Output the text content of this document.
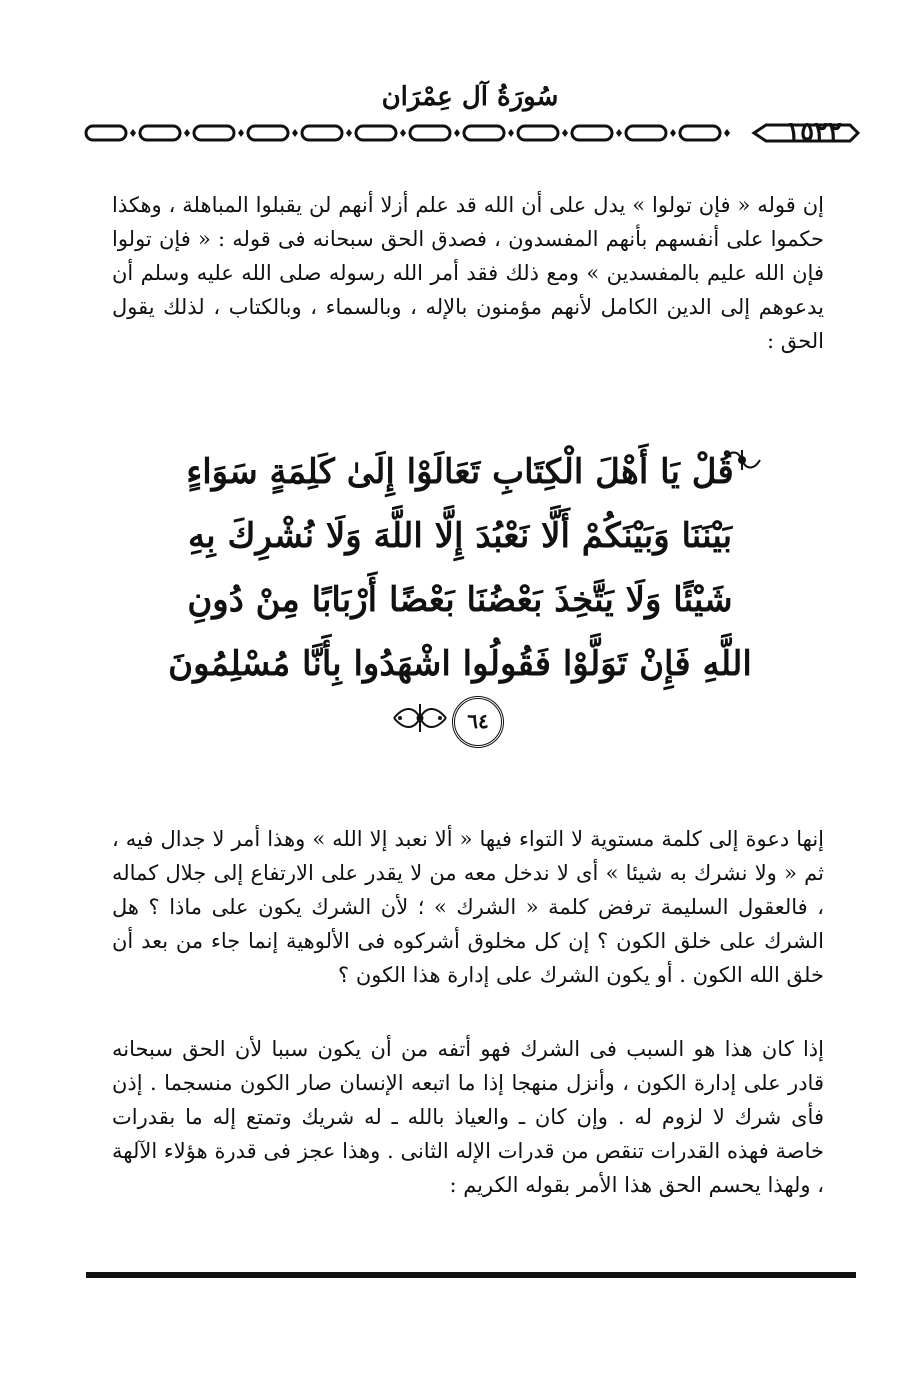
سُورَةُ آل عِمْرَان
١٥٢٢

إن قوله « فإن تولوا » يدل على أن الله قد علم أزلا أنهم لن يقبلوا المباهلة ، وهكذا حكموا على أنفسهم بأنهم المفسدون ، فصدق الحق سبحانه فى قوله : « فإن تولوا فإن الله عليم بالمفسدين » ومع ذلك فقد أمر الله رسوله صلى الله عليه وسلم أن يدعوهم إلى الدين الكامل لأنهم مؤمنون بالإله ، وبالسماء ، وبالكتاب ، لذلك يقول الحق :

قُلْ يَا أَهْلَ الْكِتَابِ تَعَالَوْا إِلَىٰ كَلِمَةٍ سَوَاءٍ

بَيْنَنَا وَبَيْنَكُمْ أَلَّا نَعْبُدَ إِلَّا اللَّهَ وَلَا نُشْرِكَ بِهِ

شَيْئًا وَلَا يَتَّخِذَ بَعْضُنَا بَعْضًا أَرْبَابًا مِنْ دُونِ

اللَّهِ فَإِنْ تَوَلَّوْا فَقُولُوا اشْهَدُوا بِأَنَّا مُسْلِمُونَ

٦٤

إنها دعوة إلى كلمة مستوية لا التواء فيها « ألا نعبد إلا الله » وهذا أمر لا جدال فيه ، ثم « ولا نشرك به شيئا » أى لا ندخل معه من لا يقدر على الارتفاع إلى جلال كماله ، فالعقول السليمة ترفض كلمة « الشرك » ؛ لأن الشرك يكون على ماذا ؟ هل الشرك على خلق الكون ؟ إن كل مخلوق أشركوه فى الألوهية إنما جاء من بعد أن خلق الله الكون . أو يكون الشرك على إدارة هذا الكون ؟

إذا كان هذا هو السبب فى الشرك فهو أتفه من أن يكون سببا لأن الحق سبحانه قادر على إدارة الكون ، وأنزل منهجا إذا ما اتبعه الإنسان صار الكون منسجما . إذن فأى شرك لا لزوم له . وإن كان ـ والعياذ بالله ـ له شريك وتمتع إله ما بقدرات خاصة فهذه القدرات تنقص من قدرات الإله الثانى . وهذا عجز فى قدرة هؤلاء الآلهة ، ولهذا يحسم الحق هذا الأمر بقوله الكريم :
